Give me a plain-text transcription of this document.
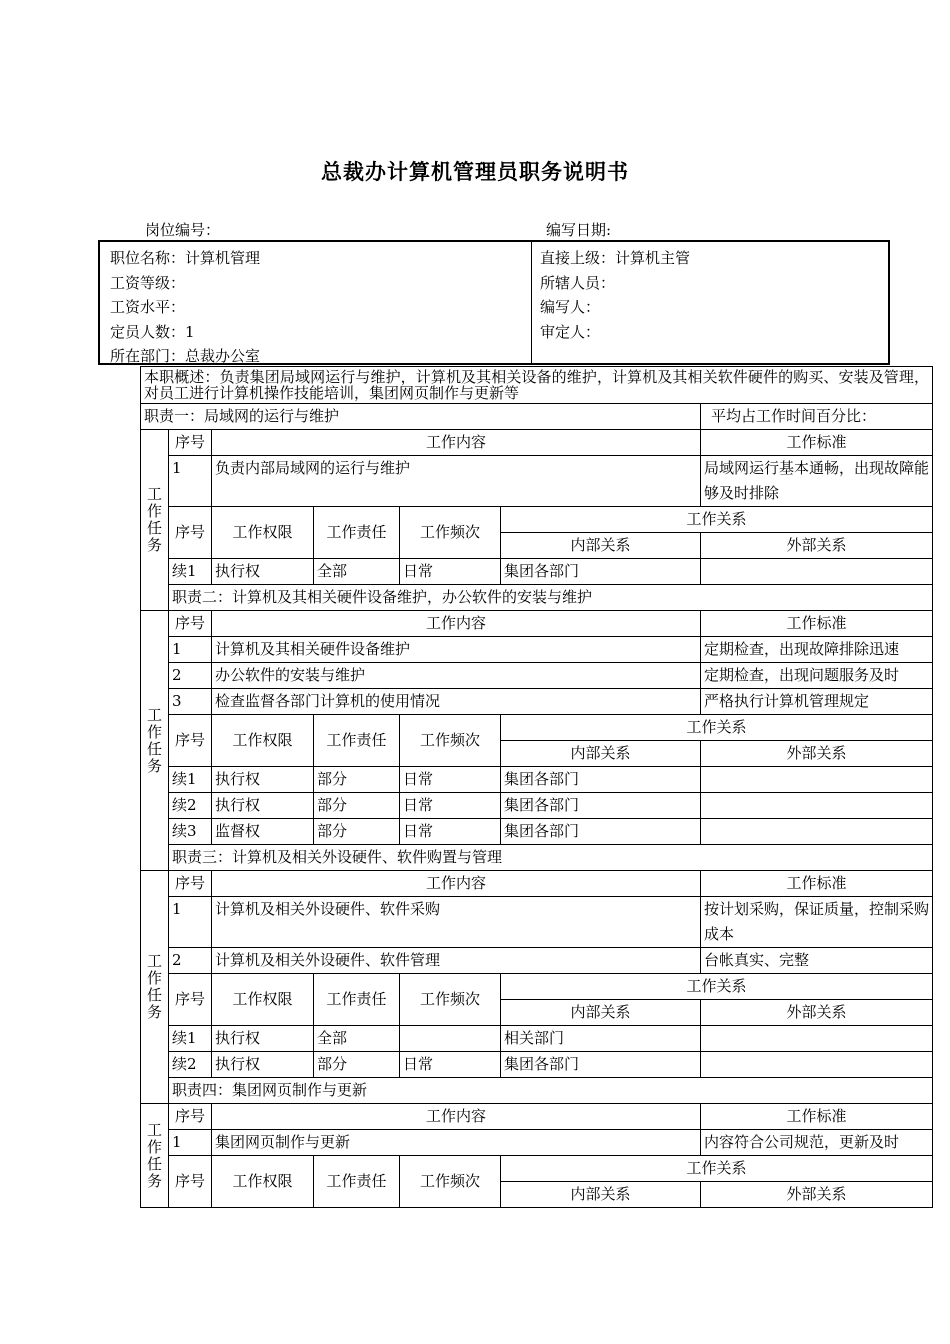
总裁办计算机管理员职务说明书
岗位编号：	编写日期:
职位名称：计算机管理
工资等级：
工资水平：
定员人数：1
所在部门：总裁办公室
直接上级：计算机主管
所辖人员：
编写人：
审定人：
本职概述：负责集团局域网运行与维护，计算机及其相关设备的维护，计算机及其相关软件硬件的购买、安装及管理，对员工进行计算机操作技能培训，集团网页制作与更新等							
职责一：局域网的运行与维护						平均占工作时间百分比：	

工作任务	序号	工作内容				工作标准	
	1	负责内部局域网的运行与维护				局域网运行基本通畅，出现故障能够及时排除	
	序号	工作权限	工作责任	工作频次	工作关系		
					内部关系	外部关系	
	续1	执行权	全部	日常	集团各部门		
	职责二：计算机及其相关硬件设备维护，办公软件的安装与维护	

工作任务	序号	工作内容				工作标准	
	1	计算机及其相关硬件设备维护				定期检查，出现故障排除迅速	
	2	办公软件的安装与维护				定期检查，出现问题服务及时	
	3	检查监督各部门计算机的使用情况				严格执行计算机管理规定	
	序号	工作权限	工作责任	工作频次	工作关系		
					内部关系	外部关系	
	续1	执行权	部分	日常	集团各部门		
	续2	执行权	部分	日常	集团各部门		
	续3	监督权	部分	日常	集团各部门		
	职责三：计算机及相关外设硬件、软件购置与管理	

工作任务	序号	工作内容				工作标准	
	1	计算机及相关外设硬件、软件采购				按计划采购，保证质量，控制采购成本	
	2	计算机及相关外设硬件、软件管理				台帐真实、完整	
	序号	工作权限	工作责任	工作频次	工作关系		
					内部关系	外部关系	
	续1	执行权	全部		相关部门		
	续2	执行权	部分	日常	集团各部门		
	职责四：集团网页制作与更新	

工作任务	序号	工作内容				工作标准	
	1	集团网页制作与更新				内容符合公司规范，更新及时	
	序号	工作权限	工作责任	工作频次	工作关系		
					内部关系	外部关系	
